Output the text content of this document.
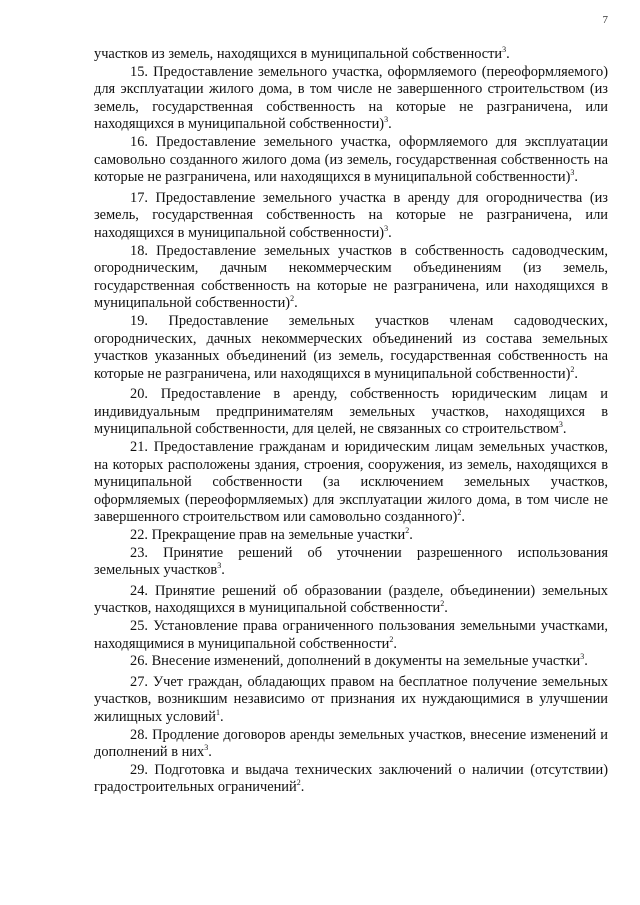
7

участков из земель, находящихся в муниципальной собственности$^3$.

15. Предоставление земельного участка, оформляемого (переоформляемого) для эксплуатации жилого дома, в том числе не завершенного строительством (из земель, государственная собственность на которые не разграничена, или находящихся в муниципальной собственности)$^3$.

16. Предоставление земельного участка, оформляемого для эксплуатации самовольно созданного жилого дома (из земель, государственная собственность на которые не разграничена, или находящихся в муниципальной собственности)$^3$.

17. Предоставление земельного участка в аренду для огородничества (из земель, государственная собственность на которые не разграничена, или находящихся в муниципальной собственности)$^3$.

18. Предоставление земельных участков в собственность садоводческим, огородническим, дачным некоммерческим объединениям (из земель, государственная собственность на которые не разграничена, или находящихся в муниципальной собственности)$^2$.

19. Предоставление земельных участков членам садоводческих, огороднических, дачных некоммерческих объединений из состава земельных участков указанных объединений (из земель, государственная собственность на которые не разграничена, или находящихся в муниципальной собственности)$^2$.

20. Предоставление в аренду, собственность юридическим лицам и индивидуальным предпринимателям земельных участков, находящихся в муниципальной собственности, для целей, не связанных со строительством$^3$.

21. Предоставление гражданам и юридическим лицам земельных участков, на которых расположены здания, строения, сооружения, из земель, находящихся в муниципальной собственности (за исключением земельных участков, оформляемых (переоформляемых) для эксплуатации жилого дома, в том числе не завершенного строительством или самовольно созданного)$^2$.

22. Прекращение прав на земельные участки$^2$.

23. Принятие решений об уточнении разрешенного использования земельных участков$^3$.

24. Принятие решений об образовании (разделе, объединении) земельных участков, находящихся в муниципальной собственности$^2$.

25. Установление права ограниченного пользования земельными участками, находящимися в муниципальной собственности$^2$.

26. Внесение изменений, дополнений в документы на земельные участки$^3$.

27. Учет граждан, обладающих правом на бесплатное получение земельных участков, возникшим независимо от признания их нуждающимися в улучшении жилищных условий$^1$.

28. Продление договоров аренды земельных участков, внесение изменений и дополнений в них$^3$.

29. Подготовка и выдача технических заключений о наличии (отсутствии) градостроительных ограничений$^2$.
